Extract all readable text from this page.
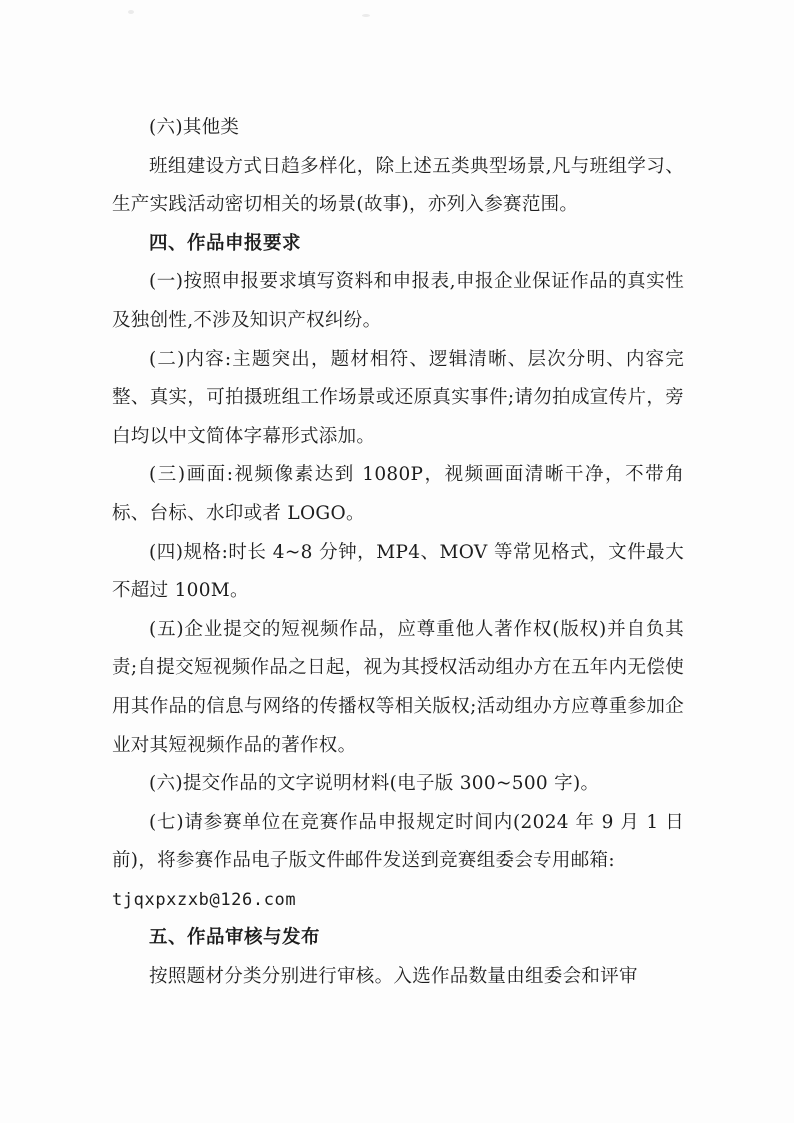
(六)其他类

班组建设方式日趋多样化，除上述五类典型场景,凡与班组学习、生产实践活动密切相关的场景(故事)，亦列入参赛范围。

四、作品申报要求

(一)按照申报要求填写资料和申报表,申报企业保证作品的真实性及独创性,不涉及知识产权纠纷。

(二)内容:主题突出，题材相符、逻辑清晰、层次分明、内容完整、真实，可拍摄班组工作场景或还原真实事件;请勿拍成宣传片，旁白均以中文简体字幕形式添加。

(三)画面:视频像素达到 1080P，视频画面清晰干净，不带角标、台标、水印或者 LOGO。

(四)规格:时长 4~8 分钟，MP4、MOV 等常见格式，文件最大不超过 100M。

(五)企业提交的短视频作品，应尊重他人著作权(版权)并自负其责;自提交短视频作品之日起，视为其授权活动组办方在五年内无偿使用其作品的信息与网络的传播权等相关版权;活动组办方应尊重参加企业对其短视频作品的著作权。

(六)提交作品的文字说明材料(电子版 300~500 字)。

(七)请参赛单位在竞赛作品申报规定时间内(2024 年 9 月 1 日前)，将参赛作品电子版文件邮件发送到竞赛组委会专用邮箱:

tjqxpxzxb@126.com

五、作品审核与发布

按照题材分类分别进行审核。入选作品数量由组委会和评审
